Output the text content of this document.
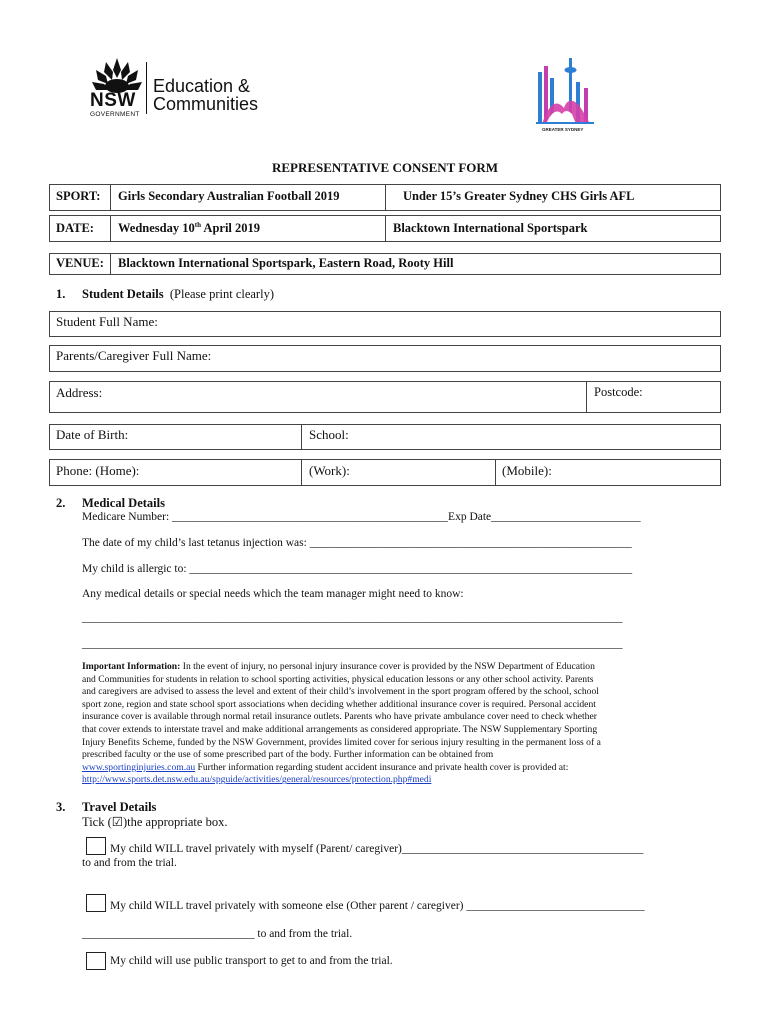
NSW
GOVERNMENT
Education &
Communities
GREATER SYDNEY
REPRESENTATIVE CONSENT FORM
SPORT: Girls Secondary Australian Football 2019	Under 15’s Greater Sydney CHS Girls AFL
DATE: Wednesday 10th April 2019	Blacktown International Sportspark
VENUE: Blacktown International Sportspark, Eastern Road, Rooty Hill
1. Student Details (Please print clearly)
Student Full Name:
Parents/Caregiver Full Name:
Address:	Postcode:
Date of Birth:	School:
Phone: (Home):	(Work):	(Mobile):
2. Medical Details
Medicare Number: ________________________________________________Exp Date__________________________
The date of my child’s last tetanus injection was: ________________________________________________________
My child is allergic to: _____________________________________________________________________________
Any medical details or special needs which the team manager might need to know:
______________________________________________________________________________________________
______________________________________________________________________________________________
Important Information: In the event of injury, no personal injury insurance cover is provided by the NSW Department of Education
and Communities for students in relation to school sporting activities, physical education lessons or any other school activity. Parents
and caregivers are advised to assess the level and extent of their child’s involvement in the sport program offered by the school, school
sport zone, region and state school sport associations when deciding whether additional insurance cover is required. Personal accident
insurance cover is available through normal retail insurance outlets. Parents who have private ambulance cover need to check whether
that cover extends to interstate travel and make additional arrangements as considered appropriate. The NSW Supplementary Sporting
Injury Benefits Scheme, funded by the NSW Government, provides limited cover for serious injury resulting in the permanent loss of a
prescribed faculty or the use of some prescribed part of the body. Further information can be obtained from
www.sportinginjuries.com.au Further information regarding student accident insurance and private health cover is provided at:
http://www.sports.det.nsw.edu.au/spguide/activities/general/resources/protection.php#medi
3. Travel Details
Tick (☑)the appropriate box.
My child WILL travel privately with myself (Parent/ caregiver)__________________________________________
to and from the trial.
My child WILL travel privately with someone else (Other parent / caregiver) _______________________________
______________________________ to and from the trial.
My child will use public transport to get to and from the trial.
